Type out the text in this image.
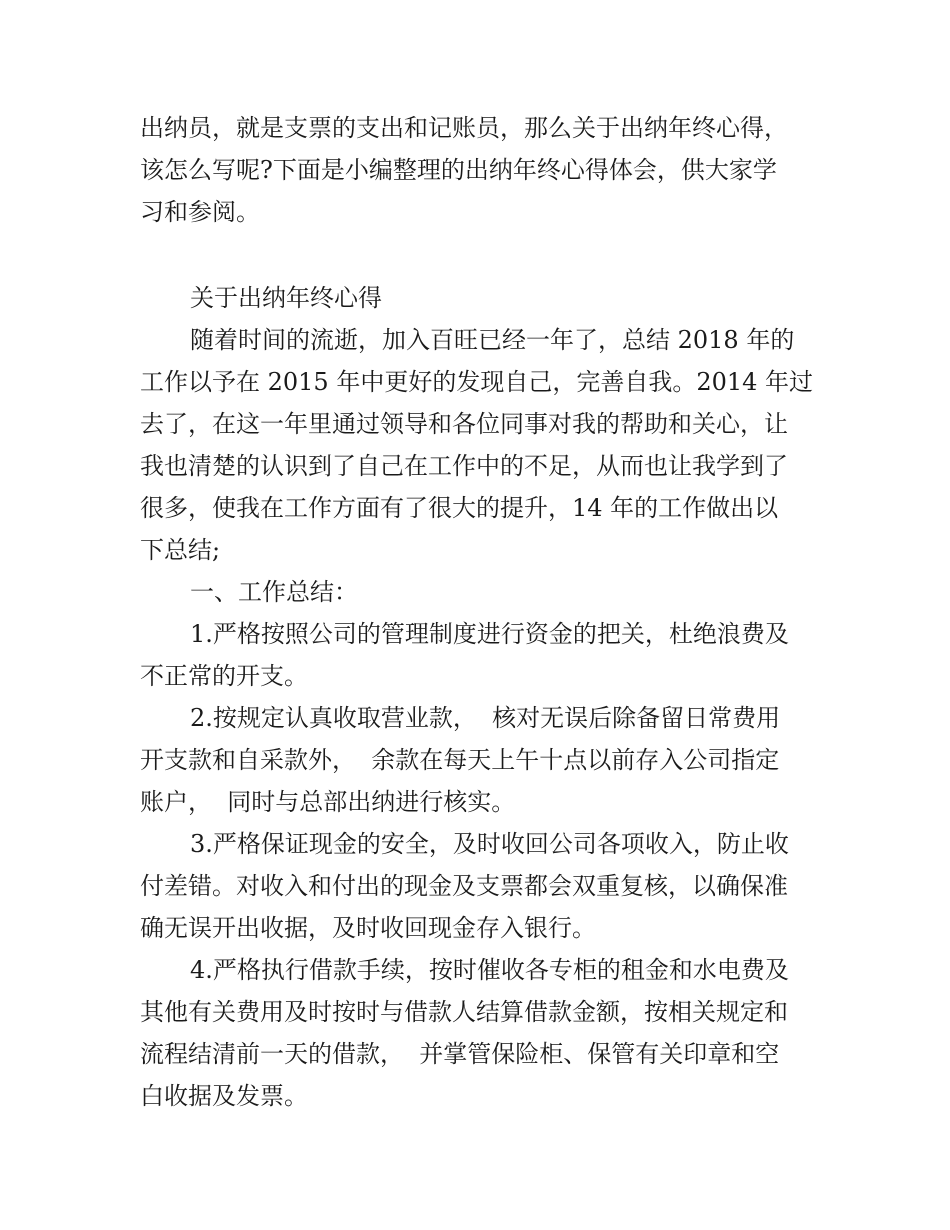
出纳员，就是支票的支出和记账员，那么关于出纳年终心得，
该怎么写呢?下面是小编整理的出纳年终心得体会，供大家学
习和参阅。
关于出纳年终心得
随着时间的流逝，加入百旺已经一年了，总结 2018 年的
工作以予在 2015 年中更好的发现自己，完善自我。2014 年过
去了，在这一年里通过领导和各位同事对我的帮助和关心，让
我也清楚的认识到了自己在工作中的不足，从而也让我学到了
很多，使我在工作方面有了很大的提升，14 年的工作做出以
下总结;
一、工作总结：
1.严格按照公司的管理制度进行资金的把关，杜绝浪费及
不正常的开支。
2.按规定认真收取营业款，  核对无误后除备留日常费用
开支款和自采款外，  余款在每天上午十点以前存入公司指定
账户，  同时与总部出纳进行核实。
3.严格保证现金的安全，及时收回公司各项收入，防止收
付差错。对收入和付出的现金及支票都会双重复核，以确保准
确无误开出收据，及时收回现金存入银行。
4.严格执行借款手续，按时催收各专柜的租金和水电费及
其他有关费用及时按时与借款人结算借款金额，按相关规定和
流程结清前一天的借款，  并掌管保险柜、保管有关印章和空
白收据及发票。
